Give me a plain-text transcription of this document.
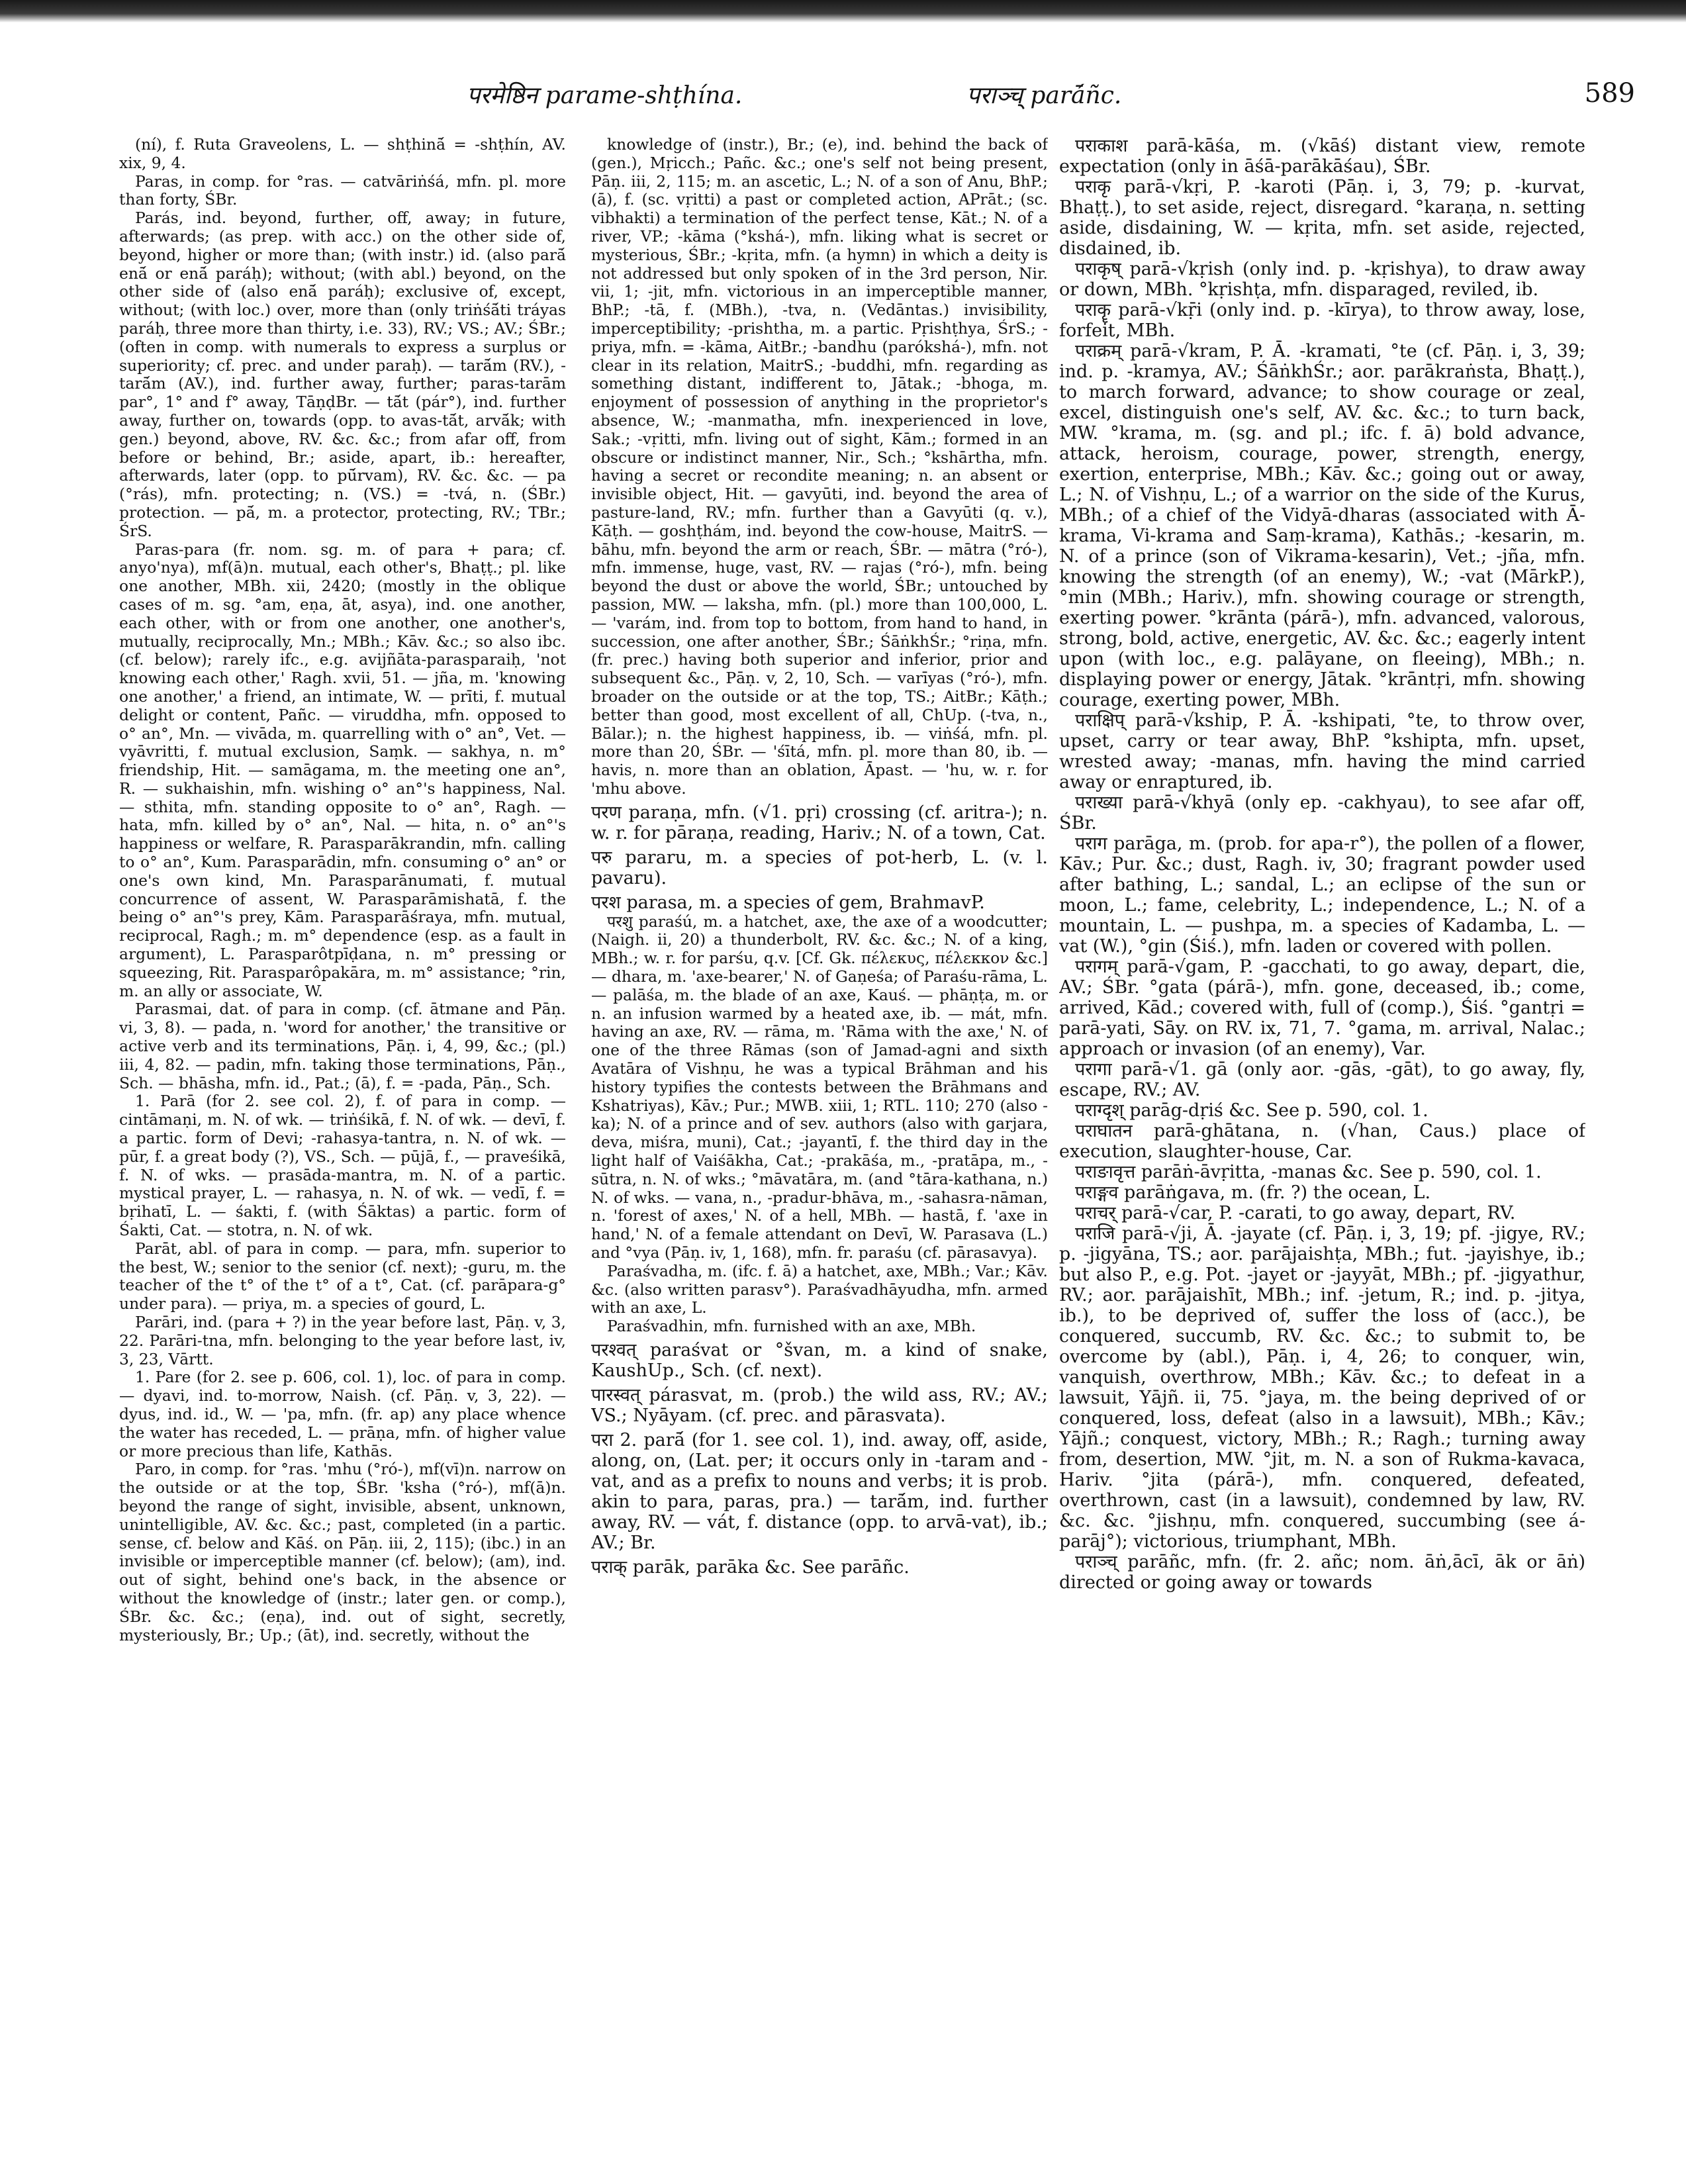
परमेष्ठिन parame-shṭhína.	पराञ्च् parā́ñc.	589

(ní), f. Ruta Graveolens, L. — shṭhinā́ = -shṭhín, AV. xix, 9, 4.

Paras, in comp. for °ras. — catvāriṅśá, mfn. pl. more than forty, ŚBr.

Parás, ind. beyond, further, off, away; in future, afterwards; (as prep. with acc.) on the other side of, beyond, higher or more than; (with instr.) id. (also parā́ enā́ or enā́ paráḥ); without; (with abl.) beyond, on the other side of (also enā́ paráḥ); exclusive of, except, without; (with loc.) over, more than (only triṅśā́ti tráyas paráḥ, three more than thirty, i.e. 33), RV.; VS.; AV.; ŚBr.; (often in comp. with numerals to express a surplus or superiority; cf. prec. and under paraḥ). — tarā́m (RV.), -tarā́m (AV.), ind. further away, further; paras-tarām par°, 1° and f° away, TāṇḍBr. — tā́t (pár°), ind. further away, further on, towards (opp. to avas-tā́t, arvā́k; with gen.) beyond, above, RV. &c. &c.; from afar off, from before or behind, Br.; aside, apart, ib.: hereafter, afterwards, later (opp. to pū́rvam), RV. &c. &c. — pa (°rás), mfn. protecting; n. (VS.) = -tvá, n. (ŚBr.) protection. — pā́, m. a protector, protecting, RV.; TBr.; ŚrS.

Paras-para (fr. nom. sg. m. of para + para; cf. anyo'nya), mf(ā)n. mutual, each other's, Bhaṭṭ.; pl. like one another, MBh. xii, 2420; (mostly in the oblique cases of m. sg. °am, eṇa, āt, asya), ind. one another, each other, with or from one another, one another's, mutually, reciprocally, Mn.; MBh.; Kāv. &c.; so also ibc. (cf. below); rarely ifc., e.g. avijñāta-parasparaiḥ, 'not knowing each other,' Ragh. xvii, 51. — jña, m. 'knowing one another,' a friend, an intimate, W. — prīti, f. mutual delight or content, Pañc. — viruddha, mfn. opposed to o° an°, Mn. — vivāda, m. quarrelling with o° an°, Vet. — vyāvritti, f. mutual exclusion, Saṃk. — sakhya, n. m° friendship, Hit. — samāgama, m. the meeting one an°, R. — sukhaishin, mfn. wishing o° an°'s happiness, Nal. — sthita, mfn. standing opposite to o° an°, Ragh. — hata, mfn. killed by o° an°, Nal. — hita, n. o° an°'s happiness or welfare, R. Parasparākrandin, mfn. calling to o° an°, Kum. Parasparādin, mfn. consuming o° an° or one's own kind, Mn. Parasparānumati, f. mutual concurrence of assent, W. Parasparāmishatā, f. the being o° an°'s prey, Kām. Parasparāśraya, mfn. mutual, reciprocal, Ragh.; m. m° dependence (esp. as a fault in argument), L. Parasparôtpīḍana, n. m° pressing or squeezing, Rit. Parasparôpakāra, m. m° assistance; °rin, m. an ally or associate, W.

Parasmai, dat. of para in comp. (cf. ātmane and Pāṇ. vi, 3, 8). — pada, n. 'word for another,' the transitive or active verb and its terminations, Pāṇ. i, 4, 99, &c.; (pl.) iii, 4, 82. — padin, mfn. taking those terminations, Pāṇ., Sch. — bhāsha, mfn. id., Pat.; (ā), f. = -pada, Pāṇ., Sch.

1. Parā (for 2. see col. 2), f. of para in comp. — cintāmaṇi, m. N. of wk. — triṅśikā, f. N. of wk. — devī, f. a partic. form of Devi; -rahasya-tantra, n. N. of wk. — pūr, f. a great body (?), VS., Sch. — pūjā, f., — praveśikā, f. N. of wks. — prasāda-mantra, m. N. of a partic. mystical prayer, L. — rahasya, n. N. of wk. — vedī, f. = bṛihatī, L. — śakti, f. (with Śāktas) a partic. form of Śakti, Cat. — stotra, n. N. of wk.

Parāt, abl. of para in comp. — para, mfn. superior to the best, W.; senior to the senior (cf. next); -guru, m. the teacher of the t° of the t° of a t°, Cat. (cf. parāpara-g° under para). — priya, m. a species of gourd, L.

Parāri, ind. (para + ?) in the year before last, Pāṇ. v, 3, 22. Parāri-tna, mfn. belonging to the year before last, iv, 3, 23, Vārtt.

1. Pare (for 2. see p. 606, col. 1), loc. of para in comp. — dyavi, ind. to-morrow, Naish. (cf. Pāṇ. v, 3, 22). — dyus, ind. id., W. — 'pa, mfn. (fr. ap) any place whence the water has receded, L. — prāṇa, mfn. of higher value or more precious than life, Kathās.

Paro, in comp. for °ras. 'mhu (°ró-), mf(vī)n. narrow on the outside or at the top, ŚBr. 'ksha (°ró-), mf(ā)n. beyond the range of sight, invisible, absent, unknown, unintelligible, AV. &c. &c.; past, completed (in a partic. sense, cf. below and Kāś. on Pāṇ. iii, 2, 115); (ibc.) in an invisible or imperceptible manner (cf. below); (am), ind. out of sight, behind one's back, in the absence or without the knowledge of (instr.; later gen. or comp.), ŚBr. &c. &c.; (eṇa), ind. out of sight, secretly, mysteriously, Br.; Up.; (āt), ind. secretly, without the

knowledge of (instr.), Br.; (e), ind. behind the back of (gen.), Mṛicch.; Pañc. &c.; one's self not being present, Pāṇ. iii, 2, 115; m. an ascetic, L.; N. of a son of Anu, BhP.; (ā), f. (sc. vṛitti) a past or completed action, APrāt.; (sc. vibhakti) a termination of the perfect tense, Kāt.; N. of a river, VP.; -kāma (°kshá-), mfn. liking what is secret or mysterious, ŚBr.; -kṛita, mfn. (a hymn) in which a deity is not addressed but only spoken of in the 3rd person, Nir. vii, 1; -jit, mfn. victorious in an imperceptible manner, BhP.; -tā, f. (MBh.), -tva, n. (Vedāntas.) invisibility, imperceptibility; -prishtha, m. a partic. Pṛishṭhya, ŚrS.; -priya, mfn. = -kāma, AitBr.; -bandhu (parókshá-), mfn. not clear in its relation, MaitrS.; -buddhi, mfn. regarding as something distant, indifferent to, Jātak.; -bhoga, m. enjoyment of possession of anything in the proprietor's absence, W.; -manmatha, mfn. inexperienced in love, Sak.; -vṛitti, mfn. living out of sight, Kām.; formed in an obscure or indistinct manner, Nir., Sch.; °kshārtha, mfn. having a secret or recondite meaning; n. an absent or invisible object, Hit. — gavyūti, ind. beyond the area of pasture-land, RV.; mfn. further than a Gavyūti (q. v.), Kāṭh. — goshṭhám, ind. beyond the cow-house, MaitrS. — bāhu, mfn. beyond the arm or reach, ŚBr. — mātra (°ró-), mfn. immense, huge, vast, RV. — rajas (°ró-), mfn. being beyond the dust or above the world, ŚBr.; untouched by passion, MW. — laksha, mfn. (pl.) more than 100,000, L. — 'varám, ind. from top to bottom, from hand to hand, in succession, one after another, ŚBr.; ŚāṅkhŚr.; °riṇa, mfn. (fr. prec.) having both superior and inferior, prior and subsequent &c., Pāṇ. v, 2, 10, Sch. — varīyas (°ró-), mfn. broader on the outside or at the top, TS.; AitBr.; Kāṭh.; better than good, most excellent of all, ChUp. (-tva, n., Bālar.); n. the highest happiness, ib. — viṅśá, mfn. pl. more than 20, ŚBr. — 'śītá, mfn. pl. more than 80, ib. — havis, n. more than an oblation, Āpast. — 'hu, w. r. for 'mhu above.

परण paraṇa, mfn. (√1. pṛi) crossing (cf. aritra-); n. w. r. for pāraṇa, reading, Hariv.; N. of a town, Cat.

परु pararu, m. a species of pot-herb, L. (v. l. pavaru).

परश parasa, m. a species of gem, BrahmavP.

परशु paraśú, m. a hatchet, axe, the axe of a woodcutter; (Naigh. ii, 20) a thunderbolt, RV. &c. &c.; N. of a king, MBh.; w. r. for parśu, q.v. [Cf. Gk. πέλεκυς, πέλεκκον &c.] — dhara, m. 'axe-bearer,' N. of Gaṇeśa; of Paraśu-rāma, L. — palāśa, m. the blade of an axe, Kauś. — phāṇṭa, m. or n. an infusion warmed by a heated axe, ib. — mát, mfn. having an axe, RV. — rāma, m. 'Rāma with the axe,' N. of one of the three Rāmas (son of Jamad-agni and sixth Avatāra of Vishṇu, he was a typical Brāhman and his history typifies the contests between the Brāhmans and Kshatriyas), Kāv.; Pur.; MWB. xiii, 1; RTL. 110; 270 (also -ka); N. of a prince and of sev. authors (also with garjara, deva, miśra, muni), Cat.; -jayantī, f. the third day in the light half of Vaiśākha, Cat.; -prakāśa, m., -pratāpa, m., -sūtra, n. N. of wks.; °māvatāra, m. (and °tāra-kathana, n.) N. of wks. — vana, n., -pradur-bhāva, m., -sahasra-nāman, n. 'forest of axes,' N. of a hell, MBh. — hastā, f. 'axe in hand,' N. of a female attendant on Devī, W. Parasava (L.) and °vya (Pāṇ. iv, 1, 168), mfn. fr. paraśu (cf. pārasavya).

Paraśvadha, m. (ifc. f. ā) a hatchet, axe, MBh.; Var.; Kāv. &c. (also written parasv°). Paraśvadhāyudha, mfn. armed with an axe, L.

Paraśvadhin, mfn. furnished with an axe, MBh.

परश्वत् paraśvat or °švan, m. a kind of snake, KaushUp., Sch. (cf. next).

पारस्वत् párasvat, m. (prob.) the wild ass, RV.; AV.; VS.; Nyāyam. (cf. prec. and pārasvata).

परा 2. parā́ (for 1. see col. 1), ind. away, off, aside, along, on, (Lat. per; it occurs only in -taram and -vat, and as a prefix to nouns and verbs; it is prob. akin to para, paras, pra.) — tarā́m, ind. further away, RV. — vát, f. distance (opp. to arvā-vat), ib.; AV.; Br.

पराक् parāk, parāka &c. See parāñc.

पराकाश parā-kāśa, m. (√kāś) distant view, remote expectation (only in āśā-parākāśau), ŚBr.

पराकृ parā-√kṛi, P. -karoti (Pāṇ. i, 3, 79; p. -kurvat, Bhaṭṭ.), to set aside, reject, disregard. °karaṇa, n. setting aside, disdaining, W. — kṛita, mfn. set aside, rejected, disdained, ib.

पराकृष् parā-√kṛish (only ind. p. -kṛishya), to draw away or down, MBh. °kṛishṭa, mfn. disparaged, reviled, ib.

पराकॄ parā-√kṝi (only ind. p. -kīrya), to throw away, lose, forfeit, MBh.

पराक्रम् parā-√kram, P. Ā. -kramati, °te (cf. Pāṇ. i, 3, 39; ind. p. -kramya, AV.; ŚāṅkhŚr.; aor. parākraṅsta, Bhaṭṭ.), to march forward, advance; to show courage or zeal, excel, distinguish one's self, AV. &c. &c.; to turn back, MW. °krama, m. (sg. and pl.; ifc. f. ā) bold advance, attack, heroism, courage, power, strength, energy, exertion, enterprise, MBh.; Kāv. &c.; going out or away, L.; N. of Vishṇu, L.; of a warrior on the side of the Kurus, MBh.; of a chief of the Vidyā-dharas (associated with Ā-krama, Vi-krama and Saṃ-krama), Kathās.; -kesarin, m. N. of a prince (son of Vikrama-kesarin), Vet.; -jña, mfn. knowing the strength (of an enemy), W.; -vat (MārkP.), °min (MBh.; Hariv.), mfn. showing courage or strength, exerting power. °krānta (párā-), mfn. advanced, valorous, strong, bold, active, energetic, AV. &c. &c.; eagerly intent upon (with loc., e.g. palāyane, on fleeing), MBh.; n. displaying power or energy, Jātak. °krāntṛi, mfn. showing courage, exerting power, MBh.

पराक्षिप् parā-√kship, P. Ā. -kshipati, °te, to throw over, upset, carry or tear away, BhP. °kshipta, mfn. upset, wrested away; -manas, mfn. having the mind carried away or enraptured, ib.

पराख्या parā-√khyā (only ep. -cakhyau), to see afar off, ŚBr.

पराग parāga, m. (prob. for apa-r°), the pollen of a flower, Kāv.; Pur. &c.; dust, Ragh. iv, 30; fragrant powder used after bathing, L.; sandal, L.; an eclipse of the sun or moon, L.; fame, celebrity, L.; independence, L.; N. of a mountain, L. — pushpa, m. a species of Kadamba, L. — vat (W.), °gin (Śiś.), mfn. laden or covered with pollen.

परागम् parā-√gam, P. -gacchati, to go away, depart, die, AV.; ŚBr. °gata (párā-), mfn. gone, deceased, ib.; come, arrived, Kād.; covered with, full of (comp.), Śiś. °gantṛi = parā-yati, Sāy. on RV. ix, 71, 7. °gama, m. arrival, Nalac.; approach or invasion (of an enemy), Var.

परागा parā-√1. gā (only aor. -gās, -gāt), to go away, fly, escape, RV.; AV.

पराग्दृश् parāg-dṛiś &c. See p. 590, col. 1.

पराघातन parā-ghātana, n. (√han, Caus.) place of execution, slaughter-house, Car.

पराङावृत्त parāṅ-āvṛitta, -manas &c. See p. 590, col. 1.

पराङ्गव parāṅgava, m. (fr. ?) the ocean, L.

पराचर् parā-√car, P. -carati, to go away, depart, RV.

पराजि parā-√ji, Ā. -jayate (cf. Pāṇ. i, 3, 19; pf. -jigye, RV.; p. -jigyāna, TS.; aor. parājaishṭa, MBh.; fut. -jayishye, ib.; but also P., e.g. Pot. -jayet or -jayyāt, MBh.; pf. -jigyathur, RV.; aor. parājaishīt, MBh.; inf. -jetum, R.; ind. p. -jitya, ib.), to be deprived of, suffer the loss of (acc.), be conquered, succumb, RV. &c. &c.; to submit to, be overcome by (abl.), Pāṇ. i, 4, 26; to conquer, win, vanquish, overthrow, MBh.; Kāv. &c.; to defeat in a lawsuit, Yājñ. ii, 75. °jaya, m. the being deprived of or conquered, loss, defeat (also in a lawsuit), MBh.; Kāv.; Yājñ.; conquest, victory, MBh.; R.; Ragh.; turning away from, desertion, MW. °jit, m. N. a son of Rukma-kavaca, Hariv. °jita (párā-), mfn. conquered, defeated, overthrown, cast (in a lawsuit), condemned by law, RV. &c. &c. °jishṇu, mfn. conquered, succumbing (see á-parāj°); victorious, triumphant, MBh.

पराञ्च् parāñc, mfn. (fr. 2. añc; nom. āṅ,ācī, āk or āṅ) directed or going away or towards
